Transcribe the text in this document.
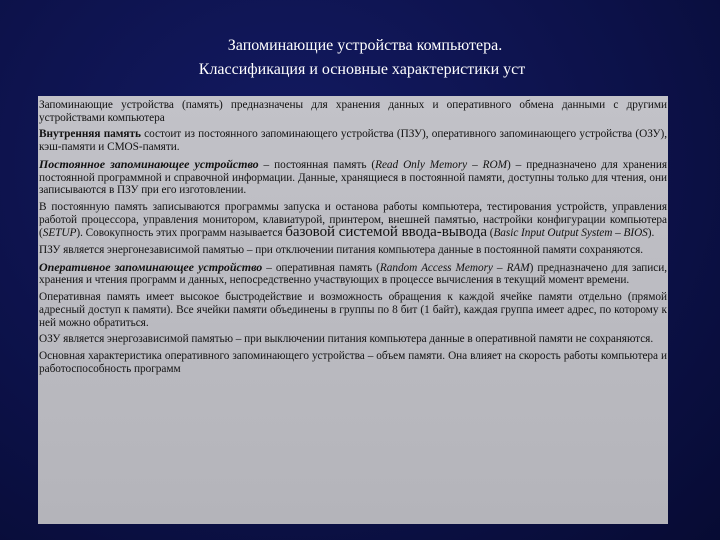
Запоминающие устройства компьютера.
Классификация и основные характеристики уст

Запоминающие устройства (память) предназначены для хранения данных и оперативного обмена данными с другими устройствами компьютера

Внутренняя память состоит из постоянного запоминающего устройства (ПЗУ), оперативного запоминающего устройства (ОЗУ), кэш-памяти и CMOS-памяти.

Постоянное запоминающее устройство – постоянная память (Read Only Memory – ROM) – предназначено для хранения постоянной программной и справочной информации. Данные, хранящиеся в постоянной памяти, доступны только для чтения, они записываются в ПЗУ при его изготовлении.

В постоянную память записываются программы запуска и останова работы компьютера, тестирования устройств, управления работой процессора, управления монитором, клавиатурой, принтером, внешней памятью, настройки конфигурации компьютера (SETUP). Совокупность этих программ называется базовой системой ввода-вывода (Basic Input Output System – BIOS).

ПЗУ является энергонезависимой памятью – при отключении питания компьютера данные в постоянной памяти сохраняются.

Оперативное запоминающее устройство – оперативная память (Random Access Memory – RAM) предназначено для записи, хранения и чтения программ и данных, непосредственно участвующих в процессе вычисления в текущий момент времени.

Оперативная память имеет высокое быстродействие и возможность обращения к каждой ячейке памяти отдельно (прямой адресный доступ к памяти). Все ячейки памяти объединены в группы по 8 бит (1 байт), каждая группа имеет адрес, по которому к ней можно обратиться.

ОЗУ является энергозависимой памятью – при выключении питания компьютера данные в оперативной памяти не сохраняются.

Основная характеристика оперативного запоминающего устройства – объем памяти. Она влияет на скорость работы компьютера и работоспособность программ
